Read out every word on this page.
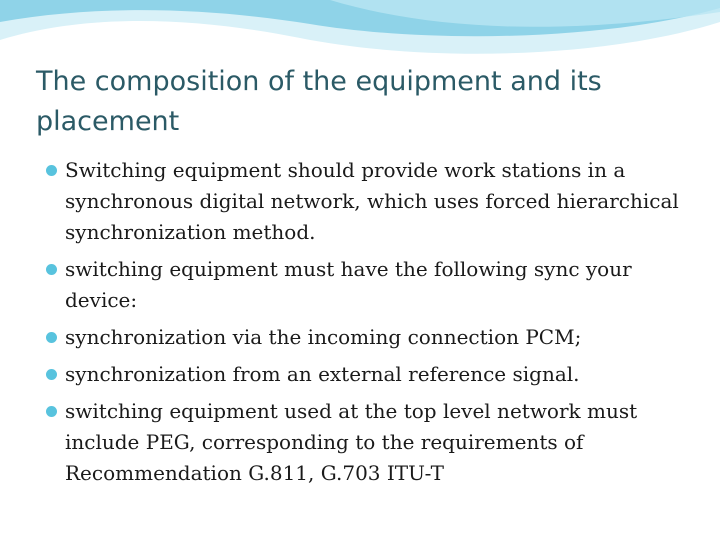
The composition of the equipment and its placement
Switching equipment should provide work stations in a synchronous digital network, which uses forced hierarchical synchronization method.
switching equipment must have the following sync your device:
synchronization via the incoming connection PCM;
synchronization from an external reference signal.
switching equipment used at the top level network must include PEG, corresponding to the requirements of Recommendation G.811, G.703 ITU-T
